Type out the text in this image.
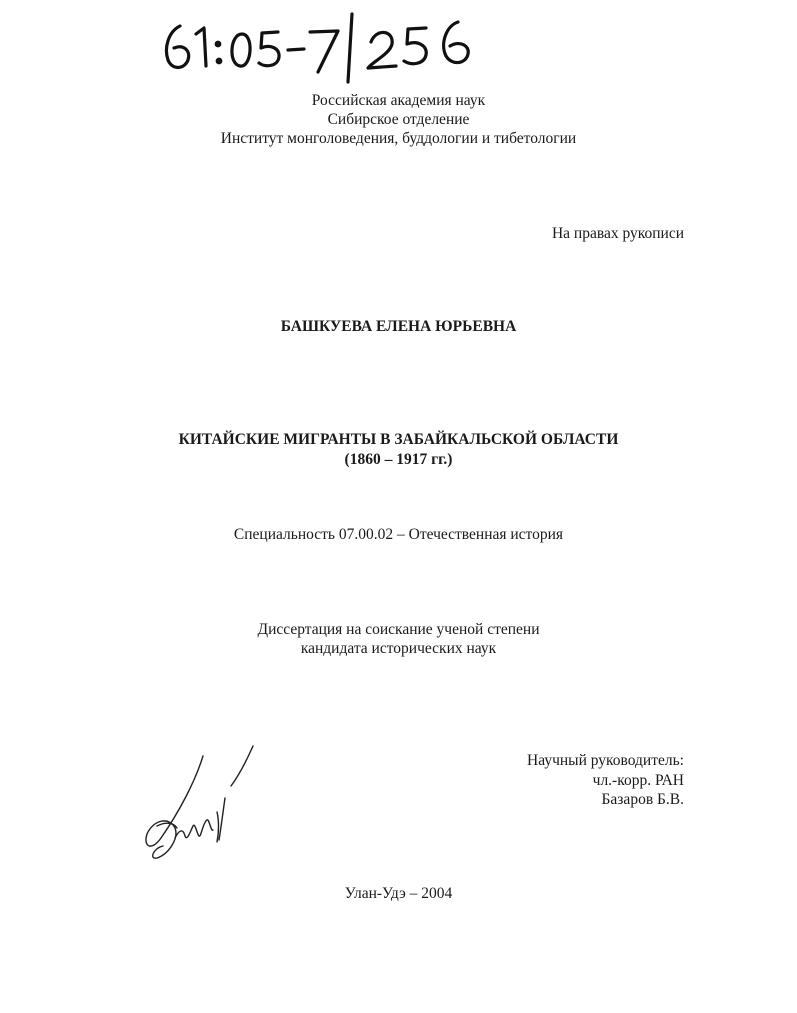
Российская академия наук
Сибирское отделение
Институт монголоведения, буддологии и тибетологии
На правах рукописи
БАШКУЕВА ЕЛЕНА ЮРЬЕВНА
КИТАЙСКИЕ МИГРАНТЫ В ЗАБАЙКАЛЬСКОЙ ОБЛАСТИ
(1860 – 1917 гг.)
Специальность 07.00.02 – Отечественная история
Диссертация на соискание ученой степени
кандидата исторических наук
Научный руководитель:
чл.-корр. РАН
Базаров Б.В.
Улан-Удэ – 2004
